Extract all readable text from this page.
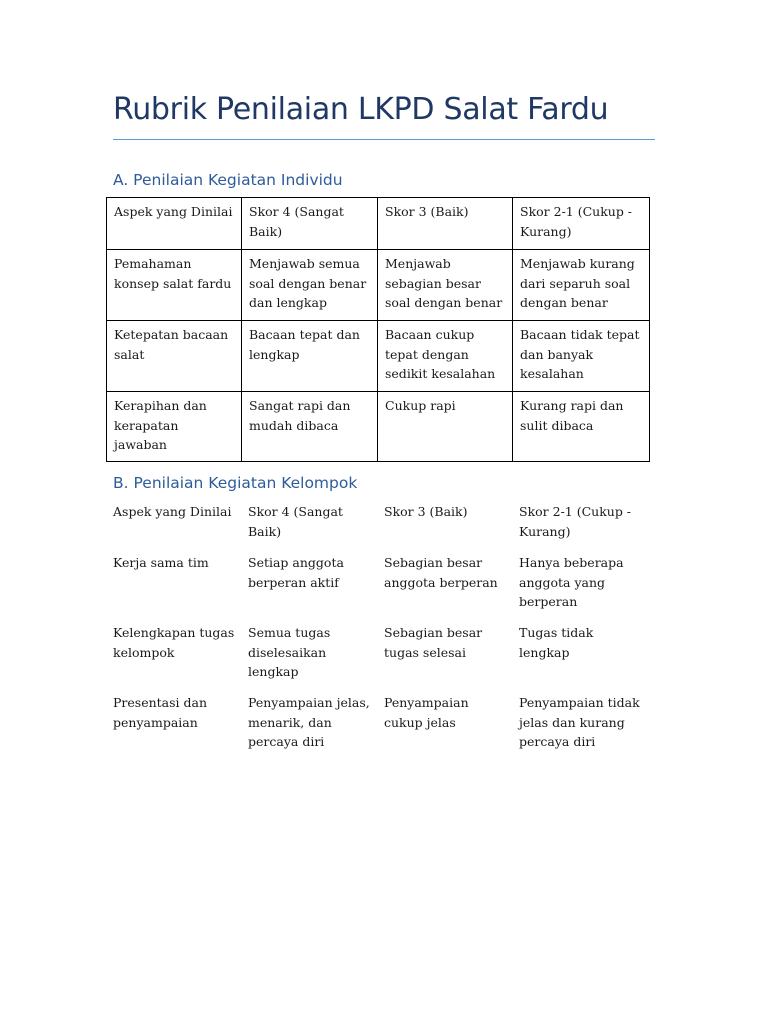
Rubrik Penilaian LKPD Salat Fardu
A. Penilaian Kegiatan Individu
Aspek yang Dinilai	Skor 4 (Sangat Baik)	Skor 3 (Baik)	Skor 2-1 (Cukup - Kurang)
Pemahaman konsep salat fardu	Menjawab semua soal dengan benar dan lengkap	Menjawab sebagian besar soal dengan benar	Menjawab kurang dari separuh soal dengan benar
Ketepatan bacaan salat	Bacaan tepat dan lengkap	Bacaan cukup tepat dengan sedikit kesalahan	Bacaan tidak tepat dan banyak kesalahan
Kerapihan dan kerapatan jawaban	Sangat rapi dan mudah dibaca	Cukup rapi	Kurang rapi dan sulit dibaca
B. Penilaian Kegiatan Kelompok
Aspek yang Dinilai	Skor 4 (Sangat Baik)	Skor 3 (Baik)	Skor 2-1 (Cukup - Kurang)
Kerja sama tim	Setiap anggota berperan aktif	Sebagian besar anggota berperan	Hanya beberapa anggota yang berperan
Kelengkapan tugas kelompok	Semua tugas diselesaikan lengkap	Sebagian besar tugas selesai	Tugas tidak lengkap
Presentasi dan penyampaian	Penyampaian jelas, menarik, dan percaya diri	Penyampaian cukup jelas	Penyampaian tidak jelas dan kurang percaya diri
